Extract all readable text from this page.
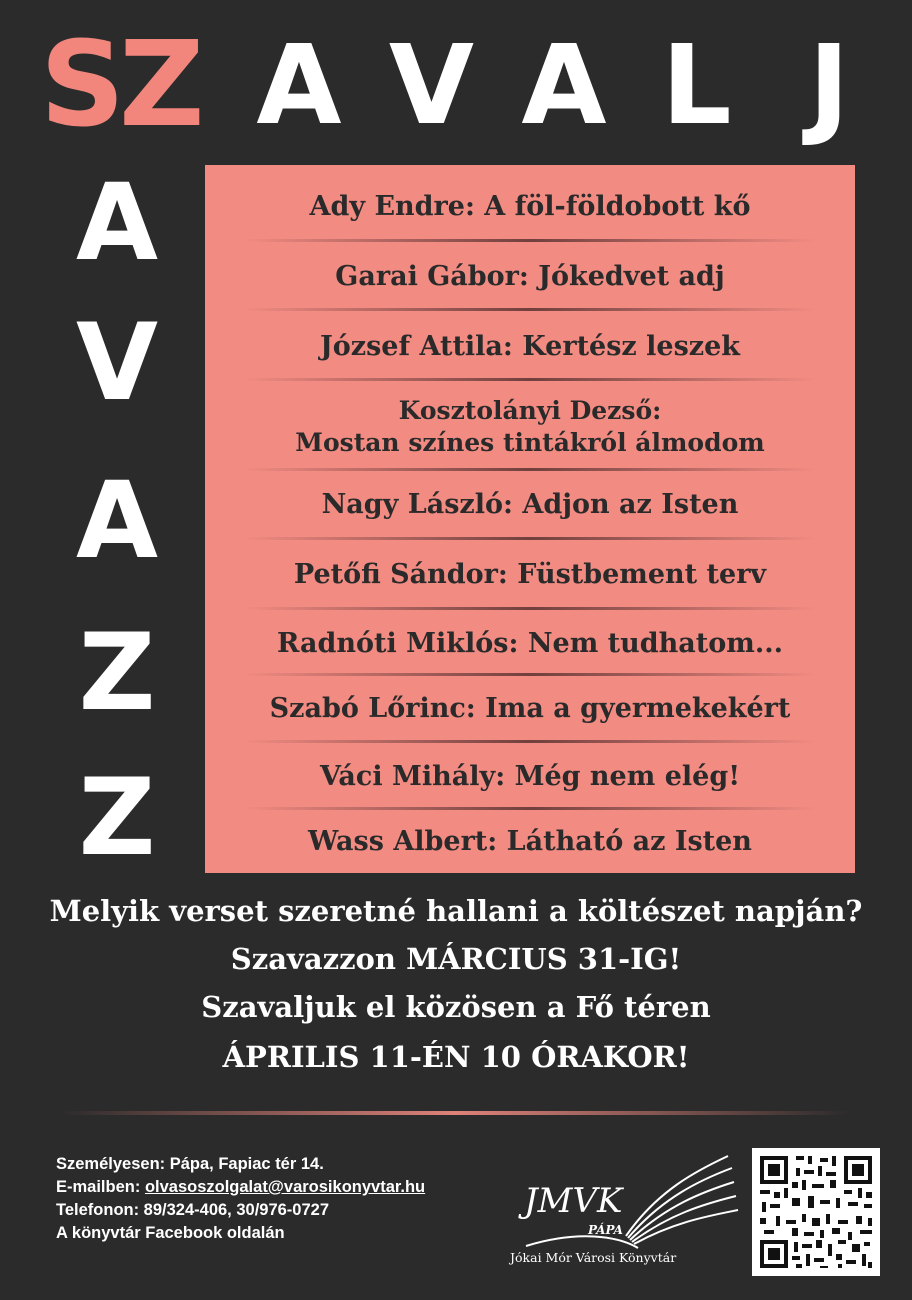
SZ A V A L J
A
V
A
Z
Z
Ady Endre: A föl-földobott kő
Garai Gábor: Jókedvet adj
József Attila: Kertész leszek
Kosztolányi Dezső:
Mostan színes tintákról álmodom
Nagy László: Adjon az Isten
Petőfi Sándor: Füstbement terv
Radnóti Miklós: Nem tudhatom...
Szabó Lőrinc: Ima a gyermekekért
Váci Mihály: Még nem elég!
Wass Albert: Látható az Isten
Melyik verset szeretné hallani a költészet napján?
Szavazzon MÁRCIUS 31-IG!
Szavaljuk el közösen a Fő téren
ÁPRILIS 11-ÉN 10 ÓRAKOR!
Személyesen: Pápa, Fapiac tér 14.
E-mailben: olvasoszolgalat@varosikonyvtar.hu
Telefonon: 89/324-406, 30/976-0727
A könyvtár Facebook oldalán
JMVK
PÁPA
Jókai Mór Városi Könyvtár
